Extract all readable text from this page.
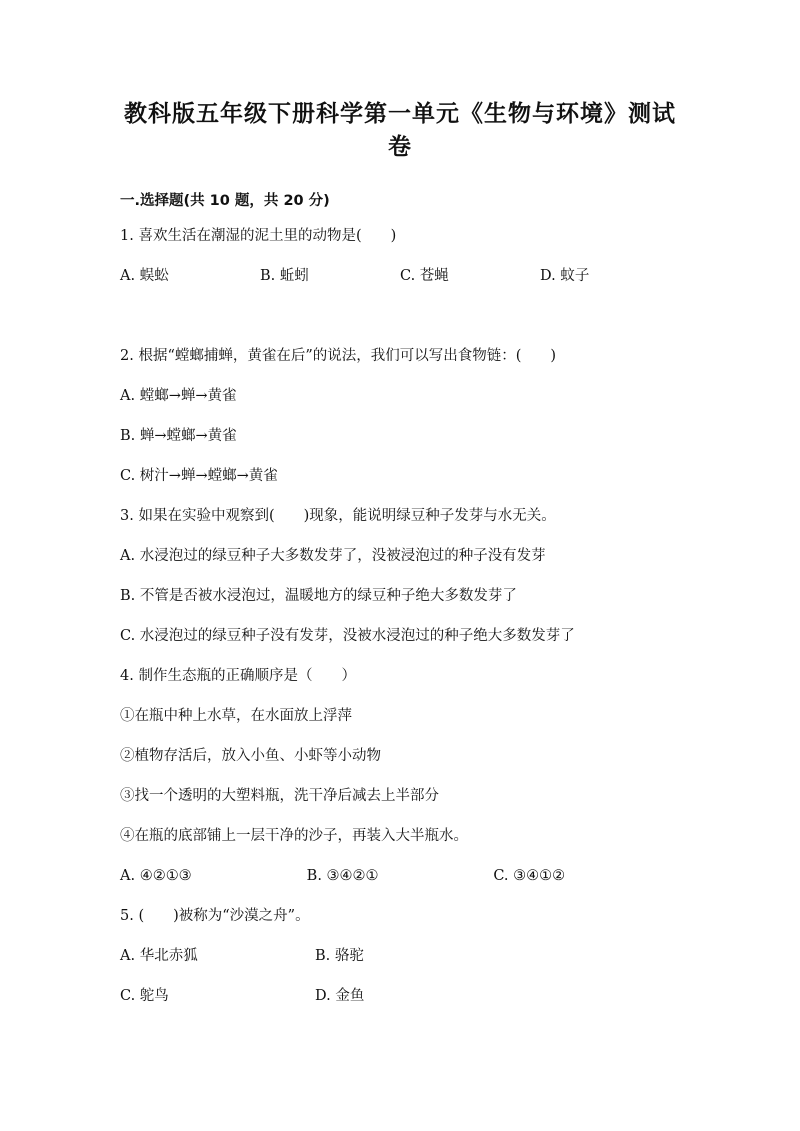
教科版五年级下册科学第一单元《生物与环境》测试卷
一.选择题(共 10 题，共 20 分)

1. 喜欢生活在潮湿的泥土里的动物是(　　)

A. 蜈蚣	B. 蚯蚓	C. 苍蝇	D. 蚊子

2. 根据“螳螂捕蝉，黄雀在后”的说法，我们可以写出食物链：(　　)

A. 螳螂→蝉→黄雀

B. 蝉→螳螂→黄雀

C. 树汁→蝉→螳螂→黄雀

3. 如果在实验中观察到(　　)现象，能说明绿豆种子发芽与水无关。

A. 水浸泡过的绿豆种子大多数发芽了，没被浸泡过的种子没有发芽

B. 不管是否被水浸泡过，温暖地方的绿豆种子绝大多数发芽了

C. 水浸泡过的绿豆种子没有发芽，没被水浸泡过的种子绝大多数发芽了

4. 制作生态瓶的正确顺序是（　　）

①在瓶中种上水草，在水面放上浮萍

②植物存活后，放入小鱼、小虾等小动物

③找一个透明的大塑料瓶，洗干净后减去上半部分

④在瓶的底部铺上一层干净的沙子，再装入大半瓶水。

A. ④②①③	B. ③④②①	C. ③④①②

5. (　　)被称为“沙漠之舟”。

A. 华北赤狐	B. 骆驼
C. 鸵鸟	D. 金鱼
